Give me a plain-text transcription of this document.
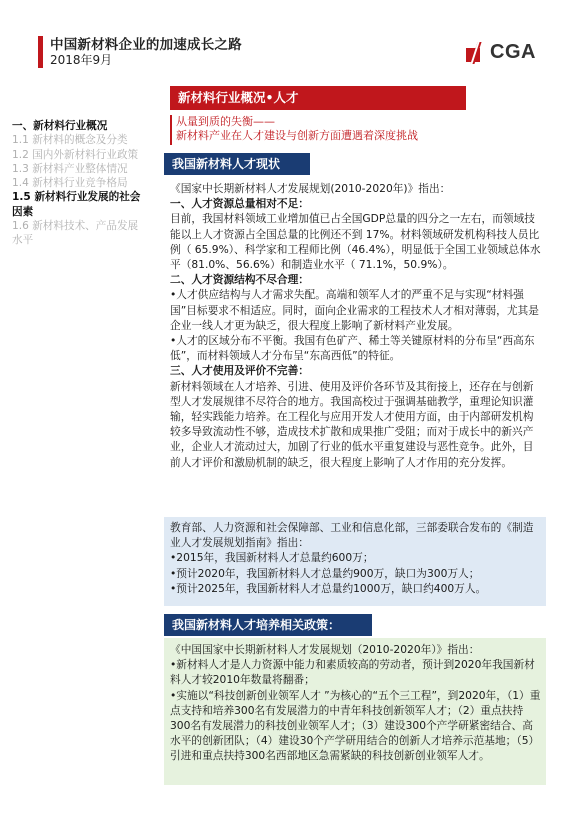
中国新材料企业的加速成长之路
2018年9月	CGA
一、新材料行业概况
1.1 新材料的概念及分类
1.2 国内外新材料行业政策
1.3 新材料产业整体情况
1.4 新材料行业竞争格局
1.5 新材料行业发展的社会因素
1.6 新材料技术、产品发展水平
新材料行业概况•人才
从量到质的失衡——
新材料产业在人才建设与创新方面遭遇着深度挑战
我国新材料人才现状

《国家中长期新材料人才发展规划(2010-2020年)》指出：

一、人才资源总量相对不足：

目前，我国材料领域工业增加值已占全国GDP总量的四分之一左右，而领域技能以上人才资源占全国总量的比例还不到 17%。材料领域研发机构科技人员比例（ 65.9%）、科学家和工程师比例（46.4%），明显低于全国工业领域总体水平（81.0%、56.6%）和制造业水平（ 71.1%，50.9%）。

二、人才资源结构不尽合理：

•人才供应结构与人才需求失配。高端和领军人才的严重不足与实现“材料强国”目标要求不相适应。同时，面向企业需求的工程技术人才相对薄弱，尤其是企业一线人才更为缺乏，很大程度上影响了新材料产业发展。

•人才的区域分布不平衡。我国有色矿产、稀土等关键原材料的分布呈“西高东低”，而材料领域人才分布呈“东高西低”的特征。

三、人才使用及评价不完善：

新材料领域在人才培养、引进、使用及评价各环节及其衔接上，还存在与创新型人才发展规律不尽符合的地方。我国高校过于强调基础教学，重理论知识灌输，轻实践能力培养。在工程化与应用开发人才使用方面，由于内部研发机构较多导致流动性不够，造成技术扩散和成果推广受阻；而对于成长中的新兴产业，企业人才流动过大，加剧了行业的低水平重复建设与恶性竞争。此外，目前人才评价和激励机制的缺乏，很大程度上影响了人才作用的充分发挥。

教育部、人力资源和社会保障部、工业和信息化部，三部委联合发布的《制造业人才发展规划指南》指出：

•2015年，我国新材料人才总量约600万；

•预计2020年，我国新材料人才总量约900万，缺口为300万人；

•预计2025年，我国新材料人才总量约1000万，缺口约400万人。

我国新材料人才培养相关政策：

《中国国家中长期新材料人才发展规划（2010-2020年）》指出：

•新材料人才是人力资源中能力和素质较高的劳动者，预计到2020年我国新材料人才较2010年数量将翻番；

•实施以“科技创新创业领军人才 ”为核心的“五个三工程”，到2020年，（1）重点支持和培养300名有发展潜力的中青年科技创新领军人才；（2）重点扶持300名有发展潜力的科技创业领军人才；（3）建设300个产学研紧密结合、高水平的创新团队；（4）建设30个产学研用结合的创新人才培养示范基地；（5）引进和重点扶持300名西部地区急需紧缺的科技创新创业领军人才。
